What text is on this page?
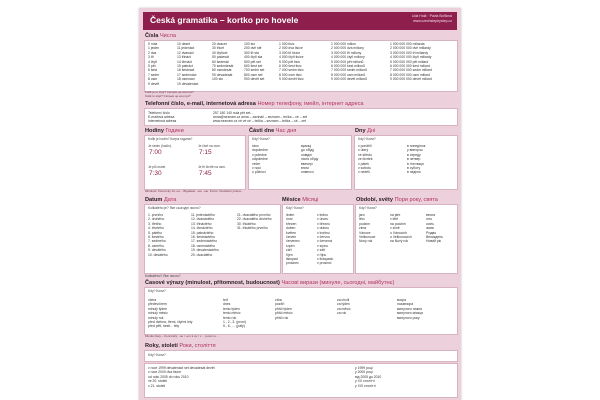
Česká gramatika – kortko pro hovele	Lida Holá · Pavla Bořilová
www.czechstepbystep.cz
Čísla Числа
0 nula
1 jeden
2 dva
3 tři
4 čtyři
5 pět
6 šest
7 sedm
8 osm
9 devět
10 deset
11 jedenáct
12 dvanáct
13 třináct
14 čtrnáct
15 patnáct
16 šestnáct
17 sedmnáct
18 osmnáct
19 devatenáct
20 dvacet
30 třicet
40 čtyřicet
50 padesát
60 šedesát
70 sedmdesát
80 osmdesát
90 devadesát
100 sto
100 sto
200 dvě stě
300 tři sta
400 čtyři sta
500 pět set
600 šest set
700 sedm set
800 osm set
900 devět set
1 000 tisíc
2 000 dva tisíce
3 000 tři tisíce
4 000 čtyři tisíce
5 000 pět tisíc
6 000 šest tisíc
7 000 sedm tisíc
8 000 osm tisíc
9 000 devět tisíc
1 000 000 milion
2 000 000 dva miliony
3 000 000 tři miliony
4 000 000 čtyři miliony
5 000 000 pět milionů
6 000 000 šest milionů
7 000 000 sedm milionů
8 000 000 osm milionů
9 000 000 devět milionů
1 000 000 000 miliarda
2 000 000 000 dvě miliardy
3 000 000 000 tři miliardy
4 000 000 000 čtyři miliardy
5 000 000 000 pět miliard
6 000 000 000 šest miliard
7 000 000 000 sedm miliard
8 000 000 000 osm miliard
9 000 000 000 devět miliard
Kolik je to stojí? Скільки це коштує?
Kolik to stojí? Скільки це коштує?
Telefonní číslo, e-mail, internetová adresa Номер телефону, імейл, інтернет адреса
Telefonní číslo
E-mailová adresa
Internetová adresa
257 180 140 nula pět set...
anna@seznam.cz anna – zavináč – seznam – tečka – cé – zet
www.seznam.cz vé vé vé – tečka – seznam – tečka – cé – zet
Hodiny Години
Kolik je hodin? Котра година?
Je sedm (hodin).
7:00
Je čtvrt na osm.
7:15
Je půl osmé.
7:30
Je tři čtvrtě na osm.
7:45
Části dne Час дня
Kdy? Коли?
ráno
dopoledne
v poledne
odpoledne
večer
v noci
o půlnoci
вранці
до обіду
опівдні
після обіду
ввечері
вночі
опівночі
Dny Дні
Kdy? Коли?
v pondělí
v úterý
ve středu
ve čtvrtek
v pátek
v sobotu
v neděli
в понеділок
у вівторок
в середу
в четвер
в п'ятницю
в суботу
в неділю
Minulost: Koncovky za -ou... Відмінки: -ем, -ою. Pozor: Nevlastní jména...
Datum Дата
Kolikátého je? Яке сьогодні число?
1. prvního
2. druhého
3. třetího
4. čtvrtého
5. pátého
6. šestého
7. sedmého
8. osmého
9. devátého
10. desátého
11. jedenáctého
12. dvanáctého
13. třináctého
14. čtrnáctého
15. patnáctého
16. šestnáctého
17. sedmnáctého
18. osmnáctého
19. devatenáctého
20. dvacátého
21. dvacátého prvního
22. dvacátého druhého
30. třicátého
31. třicátého prvního
Měsíce Місяці
Kdy? Коли?
leden
únor
březen
duben
květen
červen
červenec
srpen
září
říjen
listopad
prosinec
v lednu
v únoru
v březnu
v dubnu
v květnu
v červnu
v červenci
v srpnu
v září
v říjnu
v listopadu
v prosinci
Období, světy Пори року, свята
Kdy? Коли?
jaro
léto
podzim
zima
Vánoce
Velikonoce
Nový rok
na jaře
v létě
na podzim
v zimě
o Vánocích
o Velikonocích
na Nový rok
весна
літо
осінь
зима
Різдво
Великдень
Новий рік
Kolikátého? Яке число?
Časové výrazy (minulost, přítomnost, budoucnost) Часові вирази (минуле, сьогодні, майбутнє)
Kdy? Коли?
včera
předevčírem
minulý týden
minulý měsíc
minulý rok
před dvěma, třemi, čtyřmi lety
před pěti, šesti... lety
teď
dnes
tento týden
tento měsíc
tento rok
1., 2., 3. (první)
5., 6., ... (pátý)
zítra
pozítří
příští týden
příští měsíc
příští rok
za chvíli
za týden
za měsíc
za rok
вчора
позавчора
минулого тижня
минулого місяця
минулого року
Minulé časy – Koncovky: -ou / -em a ve / v ... jenom u...
Roky, století Роки, століття
Kdy? Коли?
v roce 1999 devatenáct set devadesát devět
v roce 2000 dva tisíce
od roku 2005 do roku 2010
ve 20. století
v 21. století
у 1999 році
у 2000 році
від 2005 до 2010
у XX столітті
у XXI столітті
